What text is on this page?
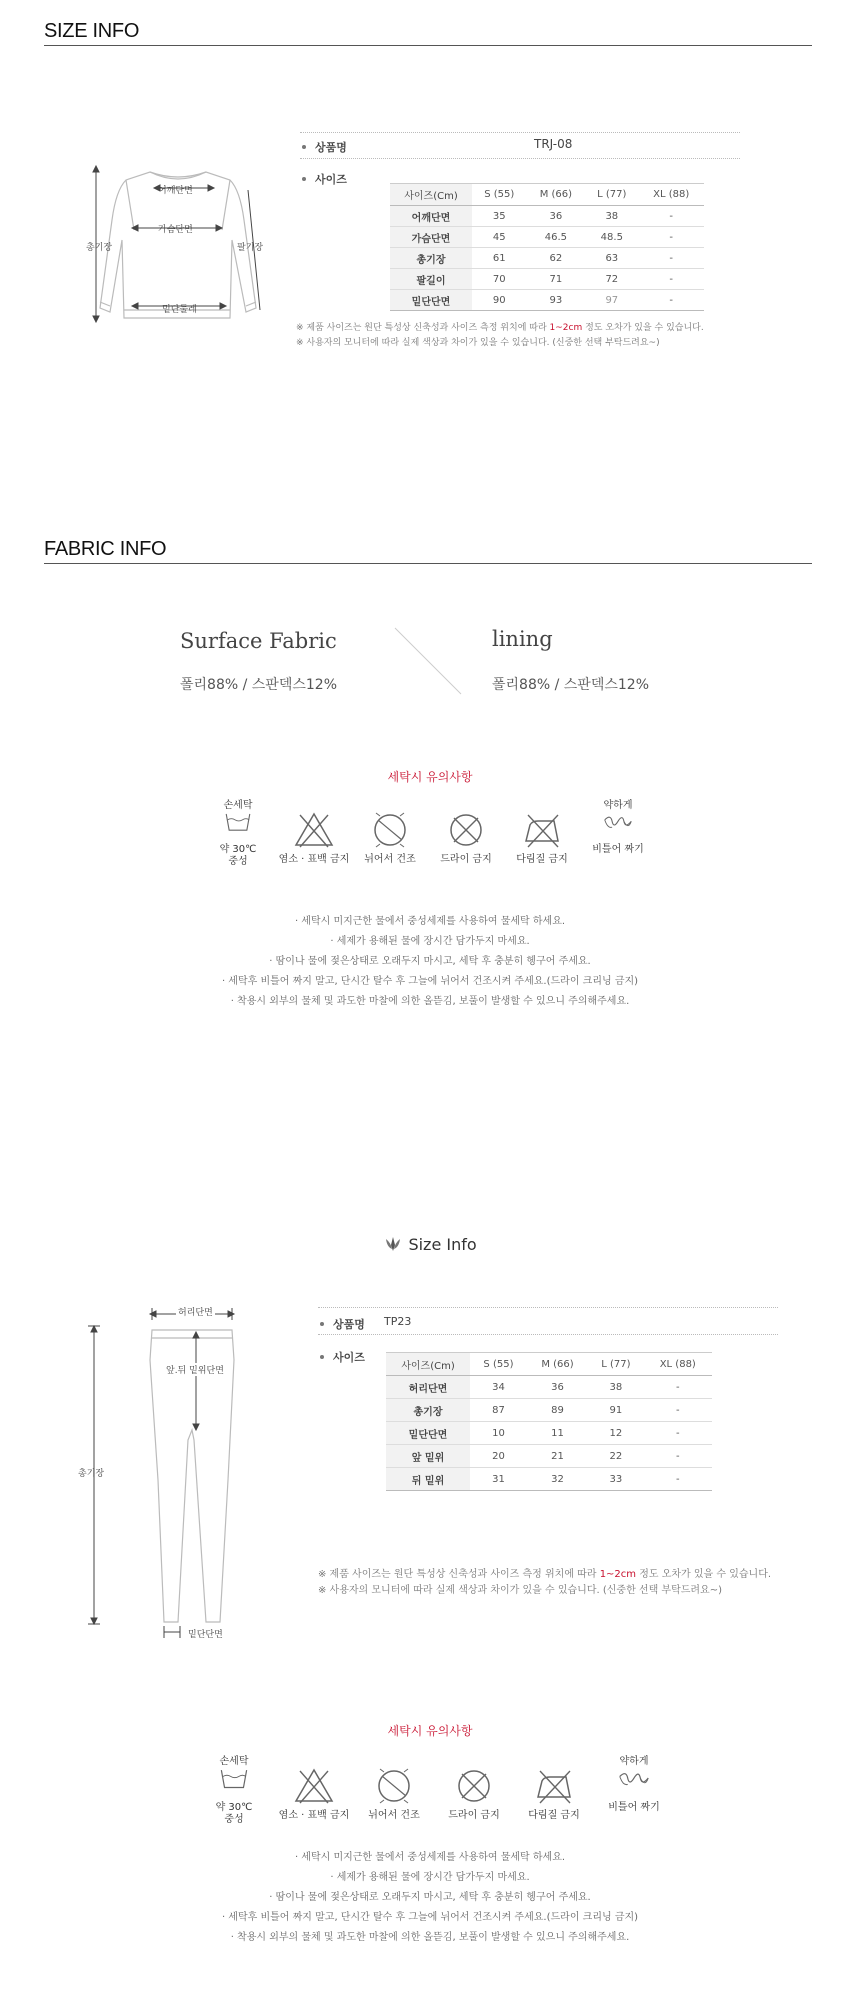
SIZE INFO
어깨단면
가슴단면
총기장	팔기장
밑단둘레
상품명	TRJ-08
사이즈
사이즈(Cm)	S (55)	M (66)	L (77)	XL (88)
어깨단면	35	36	38	-
가슴단면	45	46.5	48.5	-
총기장	61	62	63	-
팔길이	70	71	72	-
밑단단면	90	93	97	-
※ 제품 사이즈는 원단 특성상 신축성과 사이즈 측정 위치에 따라 1~2cm 정도 오차가 있을 수 있습니다.
※ 사용자의 모니터에 따라 실제 색상과 차이가 있을 수 있습니다. (신중한 선택 부탁드려요~)
FABRIC INFO
Surface Fabric
폴리88% / 스판덱스12%
lining
폴리88% / 스판덱스12%
세탁시 유의사항
손세탁
약 30℃
중성	염소 · 표백 금지 뉘어서 건조 드라이 금지 다림질 금지
약하게
비틀어 짜기
· 세탁시 미지근한 물에서 중성세제를 사용하여 물세탁 하세요.
· 세제가 용해된 물에 장시간 담가두지 마세요.
· 땀이나 물에 젖은상태로 오래두지 마시고, 세탁 후 충분히 헹구어 주세요.
· 세탁후 비틀어 짜지 말고, 단시간 탈수 후 그늘에 뉘어서 건조시켜 주세요.(드라이 크리닝 금지)
· 착용시 외부의 물체 및 과도한 마찰에 의한 올뜯김, 보풀이 발생할 수 있으니 주의해주세요.
Size Info
허리단면
앞.뒤 밑위단면
총기장
밑단단면
상품명 TP23
사이즈
사이즈(Cm)	S (55)	M (66)	L (77)	XL (88)
허리단면	34	36	38	-
총기장	87	89	91	-
밑단단면	10	11	12	-
앞 밑위	20	21	22	-
뒤 밑위	31	32	33	-
※ 제품 사이즈는 원단 특성상 신축성과 사이즈 측정 위치에 따라 1~2cm 정도 오차가 있을 수 있습니다.
※ 사용자의 모니터에 따라 실제 색상과 차이가 있을 수 있습니다. (신중한 선택 부탁드려요~)
세탁시 유의사항
손세탁
약 30℃
중성	염소 · 표백 금지 뉘어서 건조	드라이 금지	다림질 금지
약하게
비틀어 짜기
· 세탁시 미지근한 물에서 중성세제를 사용하여 물세탁 하세요.
· 세제가 용해된 물에 장시간 담가두지 마세요.
· 땀이나 물에 젖은상태로 오래두지 마시고, 세탁 후 충분히 헹구어 주세요.
· 세탁후 비틀어 짜지 말고, 단시간 탈수 후 그늘에 뉘어서 건조시켜 주세요.(드라이 크리닝 금지)
· 착용시 외부의 물체 및 과도한 마찰에 의한 올뜯김, 보풀이 발생할 수 있으니 주의해주세요.
